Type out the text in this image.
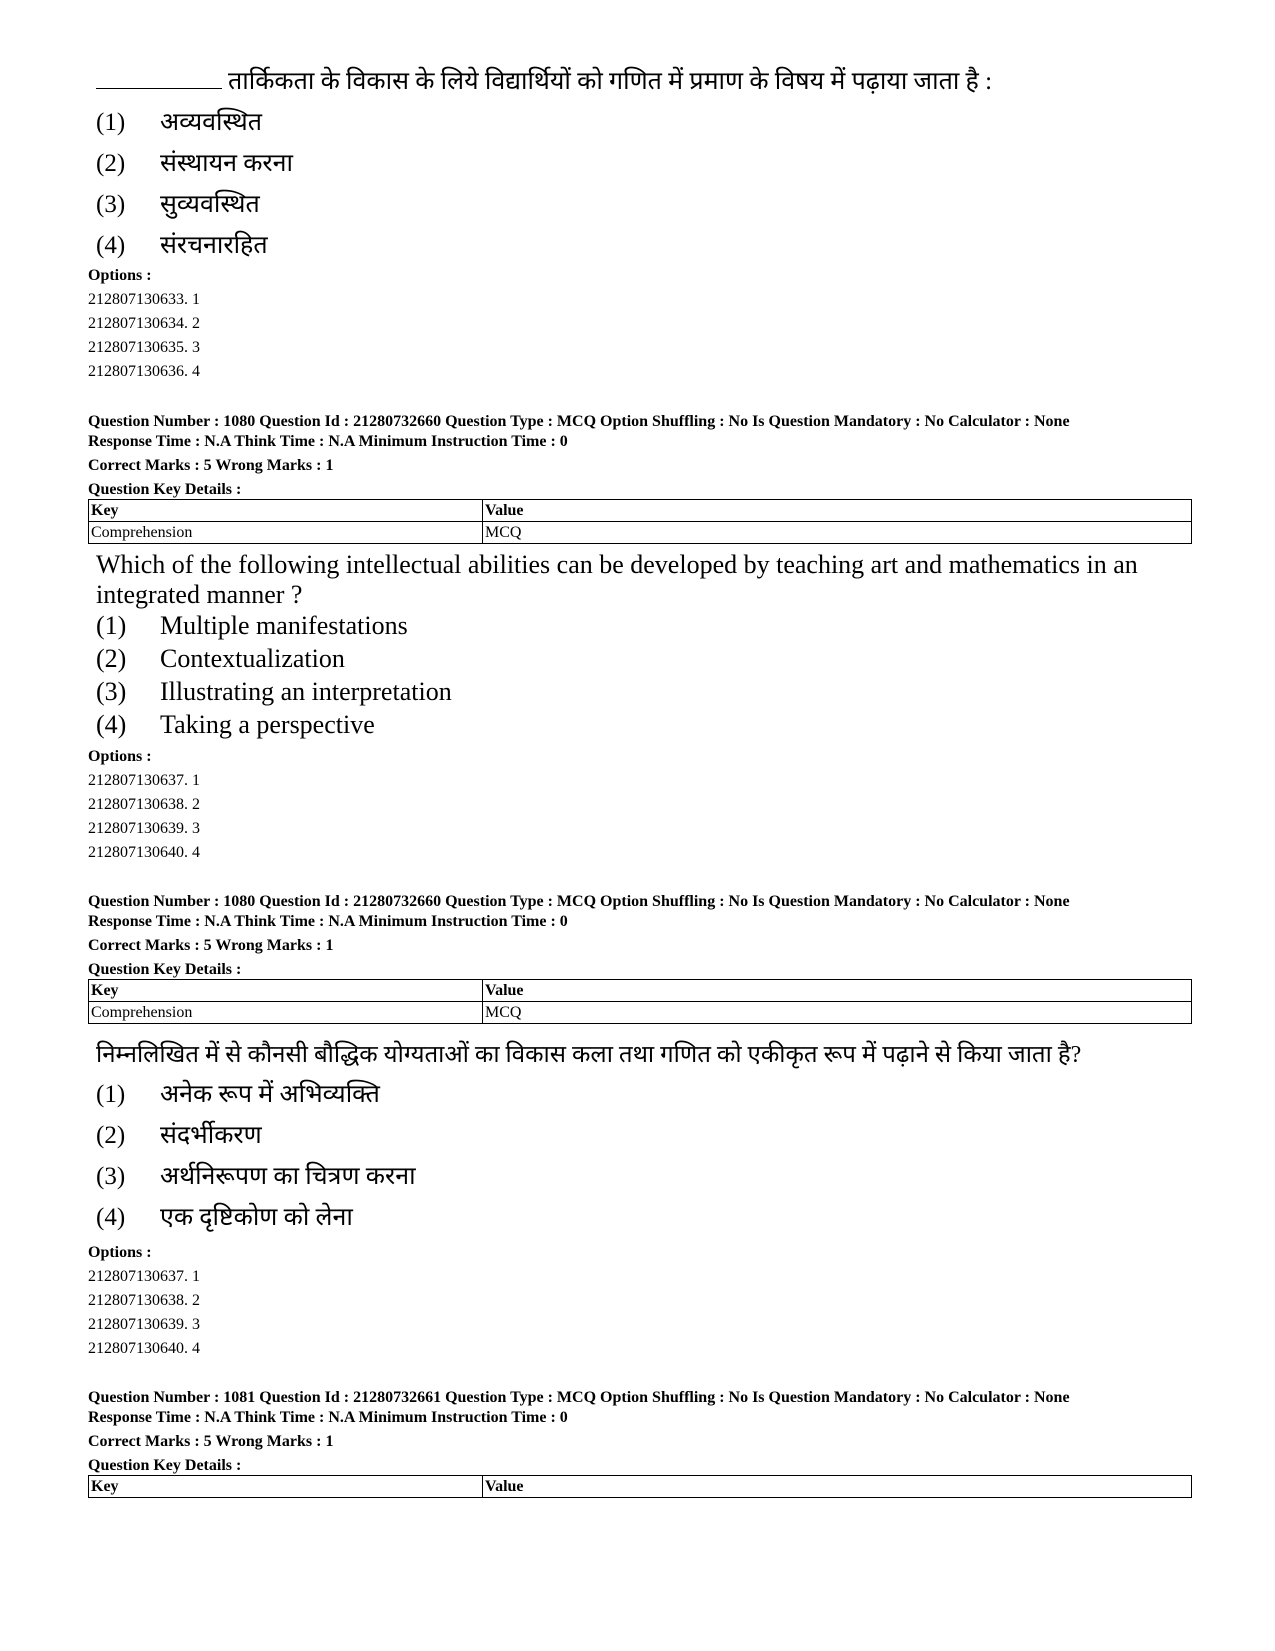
तार्किकता के विकास के लिये विद्यार्थियों को गणित में प्रमाण के विषय में पढ़ाया जाता है :
(1)	अव्यवस्थित
(2)	संस्थायन करना
(3)	सुव्यवस्थित
(4)	संरचनारहित
Options :
212807130633. 1
212807130634. 2
212807130635. 3
212807130636. 4
Question Number : 1080 Question Id : 21280732660 Question Type : MCQ Option Shuffling : No Is Question Mandatory : No Calculator : None
Response Time : N.A Think Time : N.A Minimum Instruction Time : 0
Correct Marks : 5 Wrong Marks : 1
Question Key Details :
Key	Value
Comprehension	MCQ
Which of the following intellectual abilities can be developed by teaching art and mathematics in an integrated manner ?
(1)	Multiple manifestations
(2)	Contextualization
(3)	Illustrating an interpretation
(4)	Taking a perspective
Options :
212807130637. 1
212807130638. 2
212807130639. 3
212807130640. 4
Question Number : 1080 Question Id : 21280732660 Question Type : MCQ Option Shuffling : No Is Question Mandatory : No Calculator : None
Response Time : N.A Think Time : N.A Minimum Instruction Time : 0
Correct Marks : 5 Wrong Marks : 1
Question Key Details :
Key	Value
Comprehension	MCQ
निम्नलिखित में से कौनसी बौद्धिक योग्यताओं का विकास कला तथा गणित को एकीकृत रूप में पढ़ाने से किया जाता है?
(1)	अनेक रूप में अभिव्यक्ति
(2)	संदर्भीकरण
(3)	अर्थनिरूपण का चित्रण करना
(4)	एक दृष्टिकोण को लेना
Options :
212807130637. 1
212807130638. 2
212807130639. 3
212807130640. 4
Question Number : 1081 Question Id : 21280732661 Question Type : MCQ Option Shuffling : No Is Question Mandatory : No Calculator : None
Response Time : N.A Think Time : N.A Minimum Instruction Time : 0
Correct Marks : 5 Wrong Marks : 1
Question Key Details :
Key	Value
